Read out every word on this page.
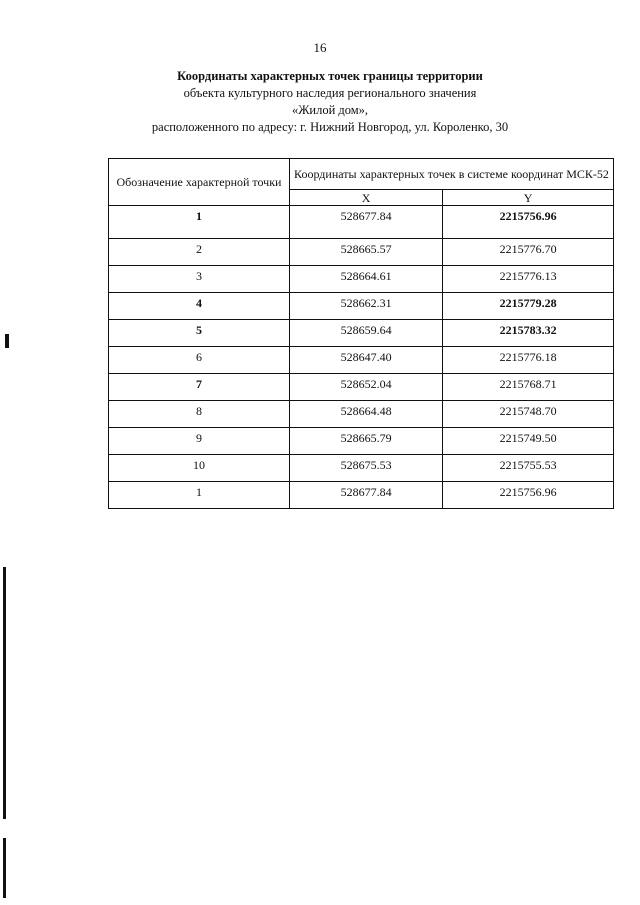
16
Координаты характерных точек границы территории
объекта культурного наследия регионального значения
«Жилой дом»,
расположенного по адресу: г. Нижний Новгород, ул. Короленко, 30
Обозначение характерной точки	Координаты характерных точек в системе координат МСК-52	
	X	Y
1	528677.84	2215756.96
2	528665.57	2215776.70
3	528664.61	2215776.13
4	528662.31	2215779.28
5	528659.64	2215783.32
6	528647.40	2215776.18
7	528652.04	2215768.71
8	528664.48	2215748.70
9	528665.79	2215749.50
10	528675.53	2215755.53
1	528677.84	2215756.96
